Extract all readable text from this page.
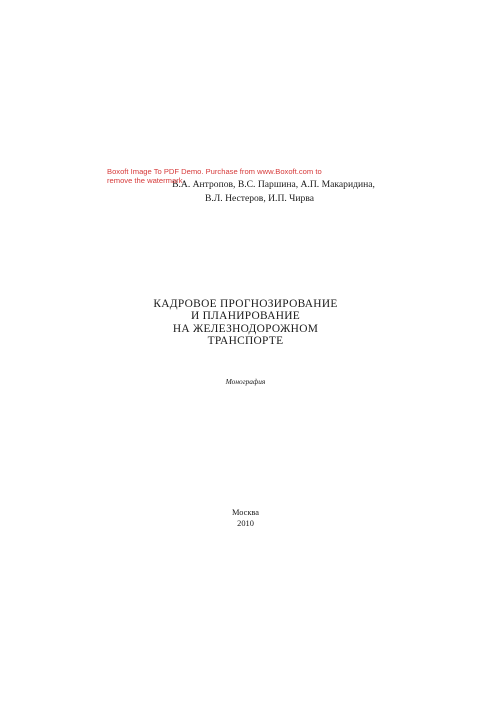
Boxoft Image To PDF Demo. Purchase from www.Boxoft.com to
remove the watermark
В.А. Антропов, В.С. Паршина, А.П. Макаридина,
В.Л. Нестеров, И.П. Чирва
КАДРОВОЕ ПРОГНОЗИРОВАНИЕ
И ПЛАНИРОВАНИЕ
НА ЖЕЛЕЗНОДОРОЖНОМ
ТРАНСПОРТЕ
Монография
Москва
2010
